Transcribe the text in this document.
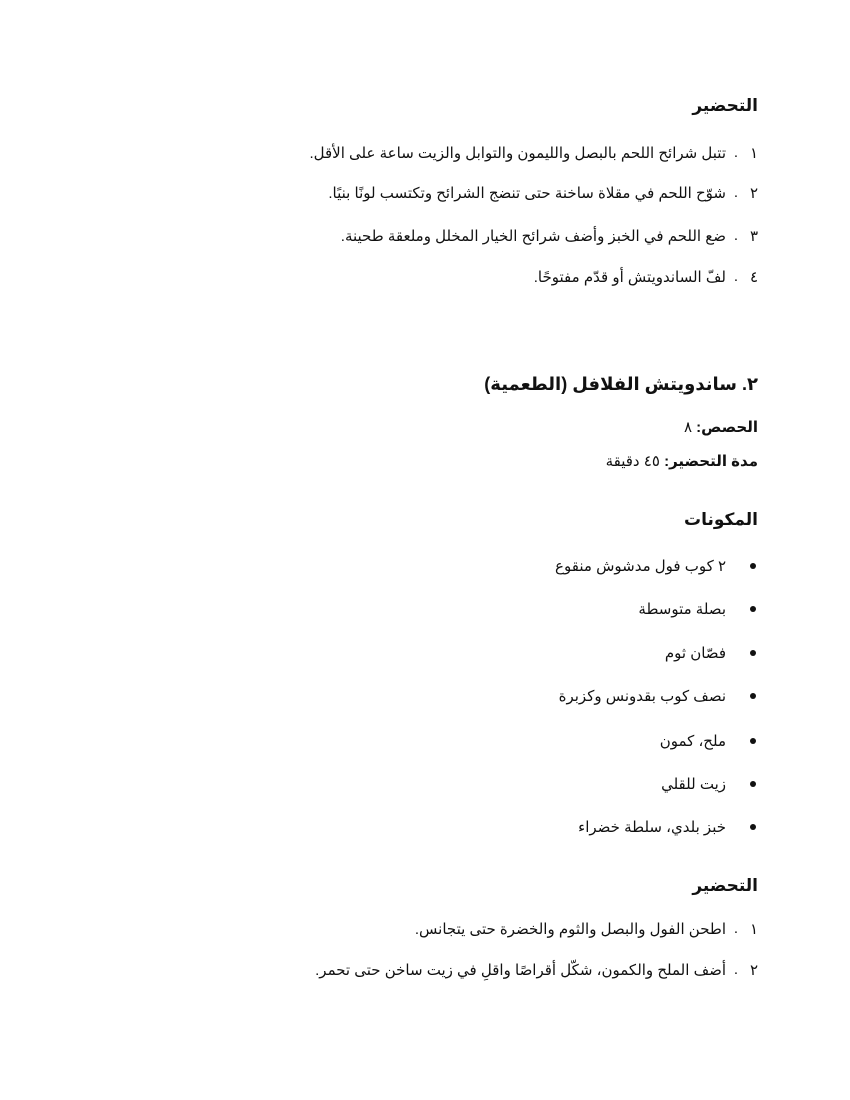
التحضير
١
.
تتبل شرائح اللحم بالبصل والليمون والتوابل والزيت ساعة على الأقل.
٢
.
شوّح اللحم في مقلاة ساخنة حتى تنضج الشرائح وتكتسب لونًا بنيًا.
٣
.
ضع اللحم في الخبز وأضف شرائح الخيار المخلل وملعقة طحينة.
٤
.
لفّ الساندويتش أو قدّم مفتوحًا.
٢. ساندويتش الفلافل (الطعمية)
الحصص: ٨
مدة التحضير: ٤٥ دقيقة
المكونات
٢ كوب فول مدشوش منقوع
بصلة متوسطة
فصّان ثوم
نصف كوب بقدونس وكزبرة
ملح، كمون
زيت للقلي
خبز بلدي، سلطة خضراء
التحضير
١
.
اطحن الفول والبصل والثوم والخضرة حتى يتجانس.
٢
.
أضف الملح والكمون، شكّل أقراصًا واقلِ في زيت ساخن حتى تحمر.
